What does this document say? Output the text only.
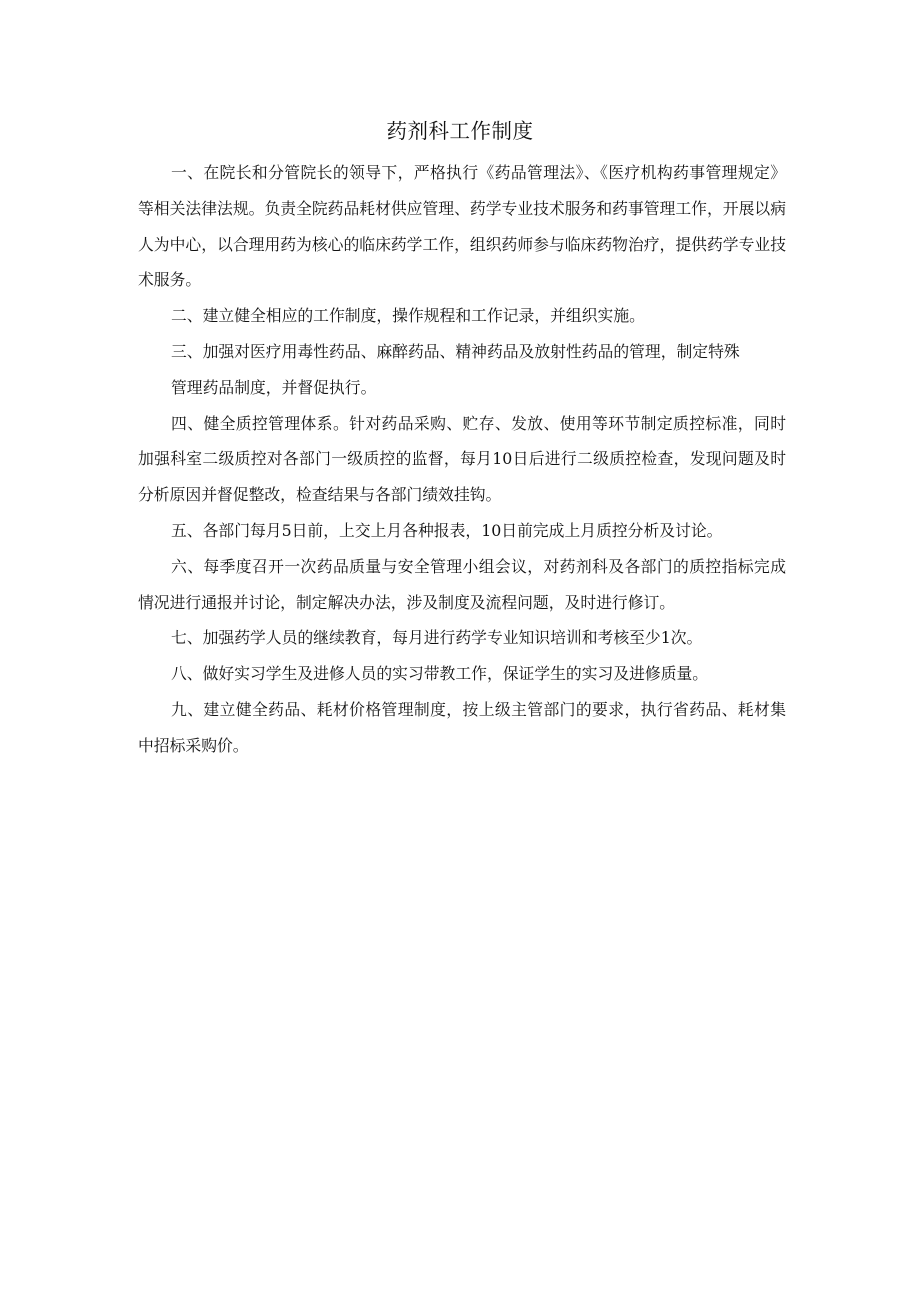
药剂科工作制度

一、在院长和分管院长的领导下，严格执行《药品管理法》、《医疗机构药事管理规定》等相关法律法规。负责全院药品耗材供应管理、药学专业技术服务和药事管理工作，开展以病人为中心，以合理用药为核心的临床药学工作，组织药师参与临床药物治疗，提供药学专业技术服务。

二、建立健全相应的工作制度，操作规程和工作记录，并组织实施。

三、加强对医疗用毒性药品、麻醉药品、精神药品及放射性药品的管理，制定特殊

管理药品制度，并督促执行。

四、健全质控管理体系。针对药品采购、贮存、发放、使用等环节制定质控标准，同时加强科室二级质控对各部门一级质控的监督，每月10日后进行二级质控检查，发现问题及时分析原因并督促整改，检查结果与各部门绩效挂钩。

五、各部门每月5日前，上交上月各种报表，10日前完成上月质控分析及讨论。

六、每季度召开一次药品质量与安全管理小组会议，对药剂科及各部门的质控指标完成情况进行通报并讨论，制定解决办法，涉及制度及流程问题，及时进行修订。

七、加强药学人员的继续教育，每月进行药学专业知识培训和考核至少1次。

八、做好实习学生及进修人员的实习带教工作，保证学生的实习及进修质量。

九、建立健全药品、耗材价格管理制度，按上级主管部门的要求，执行省药品、耗材集中招标采购价。
